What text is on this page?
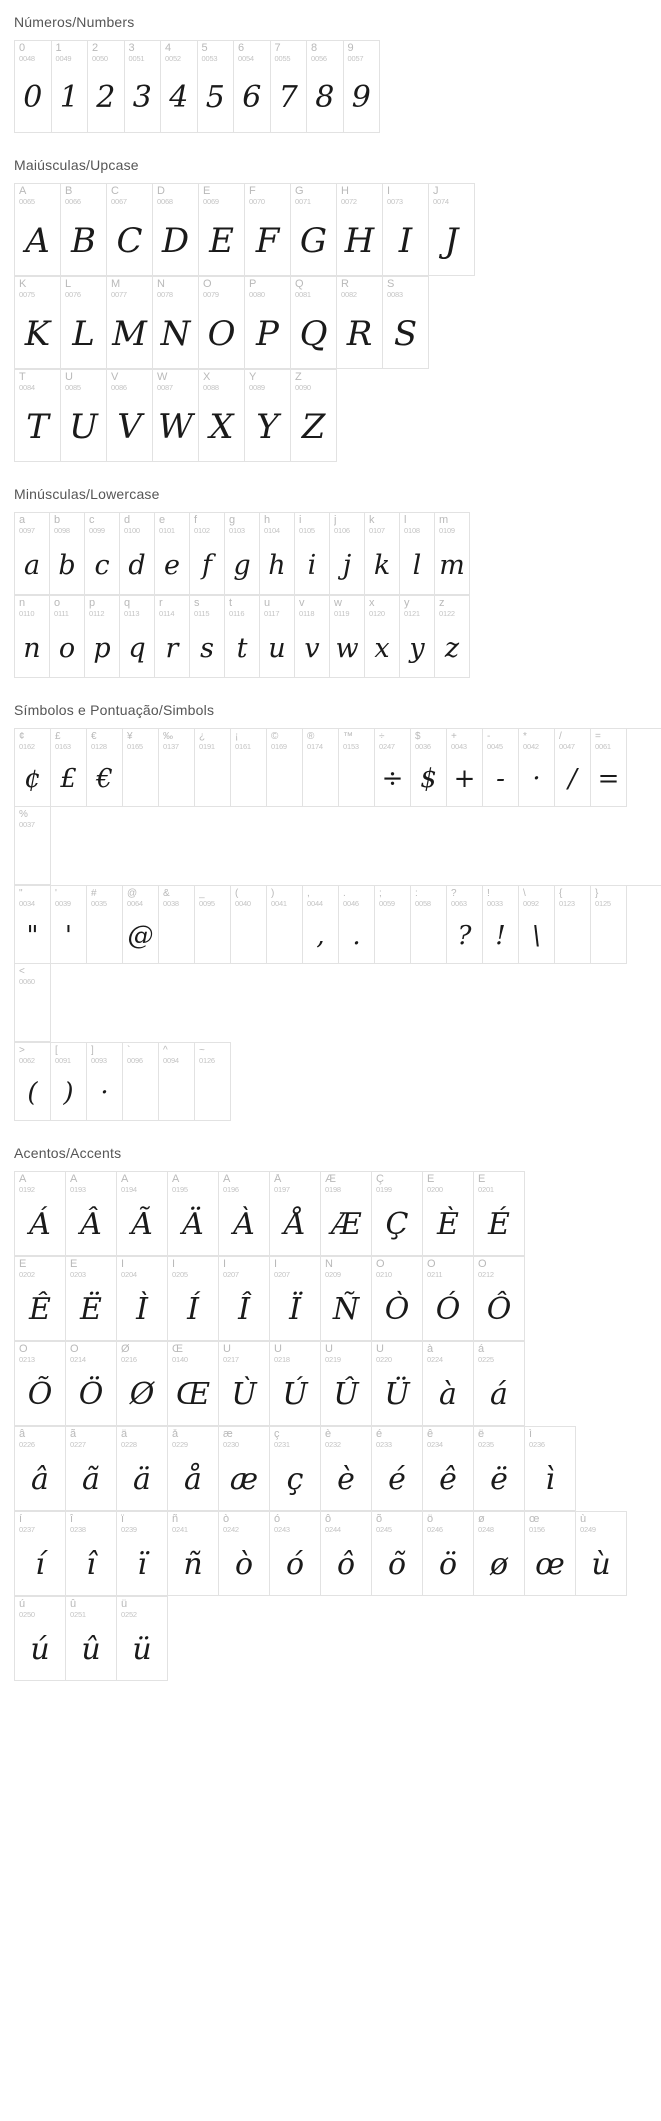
Números/Numbers
0
0048
0
1
0049
1
2
0050
2
3
0051
3
4
0052
4
5
0053
5
6
0054
6
7
0055
7
8
0056
8
9
0057
9
Maiúsculas/Upcase
A
0065
A
B
0066
B
C
0067
C
D
0068
D
E
0069
E
F
0070
F
G
0071
G
H
0072
H
I
0073
I
J
0074
J
K
0075
K
L
0076
L
M
0077
M
N
0078
N
O
0079
O
P
0080
P
Q
0081
Q
R
0082
R
S
0083
S
T
0084
T
U
0085
U
V
0086
V
W
0087
W
X
0088
X
Y
0089
Y
Z
0090
Z
Minúsculas/Lowercase
a
0097
a
b
0098
b
c
0099
c
d
0100
d
e
0101
e
f
0102
f
g
0103
g
h
0104
h
i
0105
i
j
0106
j
k
0107
k
l
0108
l
m
0109
m
n
0110
n
o
0111
o
p
0112
p
q
0113
q
r
0114
r
s
0115
s
t
0116
t
u
0117
u
v
0118
v
w
0119
w
x
0120
x
y
0121
y
z
0122
z
Símbolos e Pontuação/Simbols
¢
0162
¢
£
0163
£
€
0128
€
¥
0165
‰
0137
¿
0191
¡
0161
©
0169
®
0174
™
0153
÷
0247
÷
$
0036
$
+
0043
+
-
0045
-
*
0042
·
/
0047
/
=
0061
=
%
0037
"
0034
"
'
0039
'
#
0035
@
0064
@
&
0038
_
0095
(
0040
)
0041
,
0044
,
.
0046
.
;
0059
:
0058
?
0063
?
!
0033
!
\
0092
\
{
0123
}
0125
<
0060
>
0062
(
[
0091
)
]
0093
·
`
0096
^
0094
~
0126
Acentos/Accents
Á
0192
Á
Â
0193
Â
Ã
0194
Ã
Ä
0195
Ä
À
0196
À
Å
0197
Å
Æ
0198
Æ
Ç
0199
Ç
È
0200
È
É
0201
É
Ê
0202
Ê
Ë
0203
Ë
Ì
0204
Ì
Í
0205
Í
Î
0207
Î
Ï
0207
Ï
Ñ
0209
Ñ
Ò
0210
Ò
Ó
0211
Ó
Ô
0212
Ô
Õ
0213
Õ
Ö
0214
Ö
Ø
0216
Ø
Œ
0140
Œ
Ù
0217
Ù
Ú
0218
Ú
Û
0219
Û
Ü
0220
Ü
à
0224
à
á
0225
á
â
0226
â
ã
0227
ã
ä
0228
ä
å
0229
å
æ
0230
æ
ç
0231
ç
è
0232
è
é
0233
é
ê
0234
ê
ë
0235
ë
ì
0236
ì
í
0237
í
î
0238
î
ï
0239
ï
ñ
0241
ñ
ò
0242
ò
ó
0243
ó
ô
0244
ô
õ
0245
õ
ö
0246
ö
ø
0248
ø
œ
0156
œ
ù
0249
ù
ú
0250
ú
û
0251
û
ü
0252
ü
